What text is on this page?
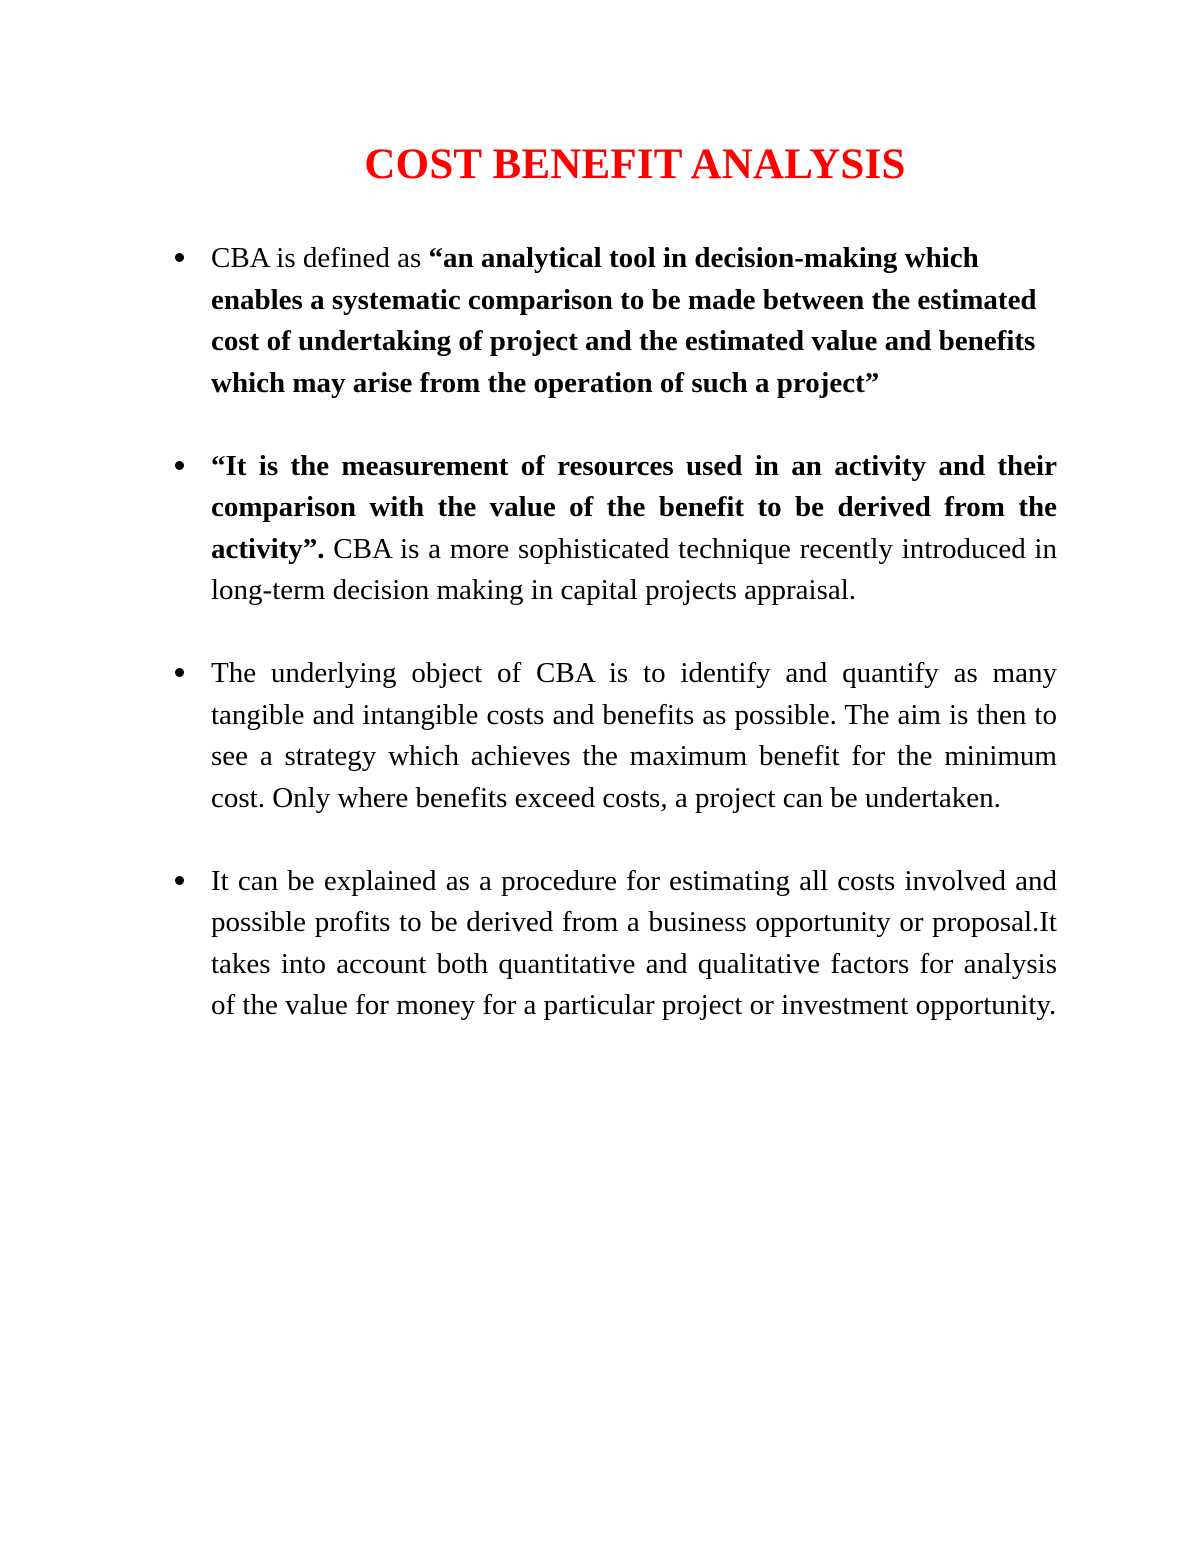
COST BENEFIT ANALYSIS
CBA is defined as “an analytical tool in decision-making which enables a systematic comparison to be made between the estimated cost of undertaking of project and the estimated value and benefits which may arise from the operation of such a project”
“It is the measurement of resources used in an activity and their comparison with the value of the benefit to be derived from the activity”. CBA is a more sophisticated technique recently introduced in long-term decision making in capital projects appraisal.
The underlying object of CBA is to identify and quantify as many tangible and intangible costs and benefits as possible. The aim is then to see a strategy which achieves the maximum benefit for the minimum cost. Only where benefits exceed costs, a project can be undertaken.
It can be explained as a procedure for estimating all costs involved and possible profits to be derived from a business opportunity or proposal.It takes into account both quantitative and qualitative factors for analysis of the value for money for a particular project or investment opportunity.
